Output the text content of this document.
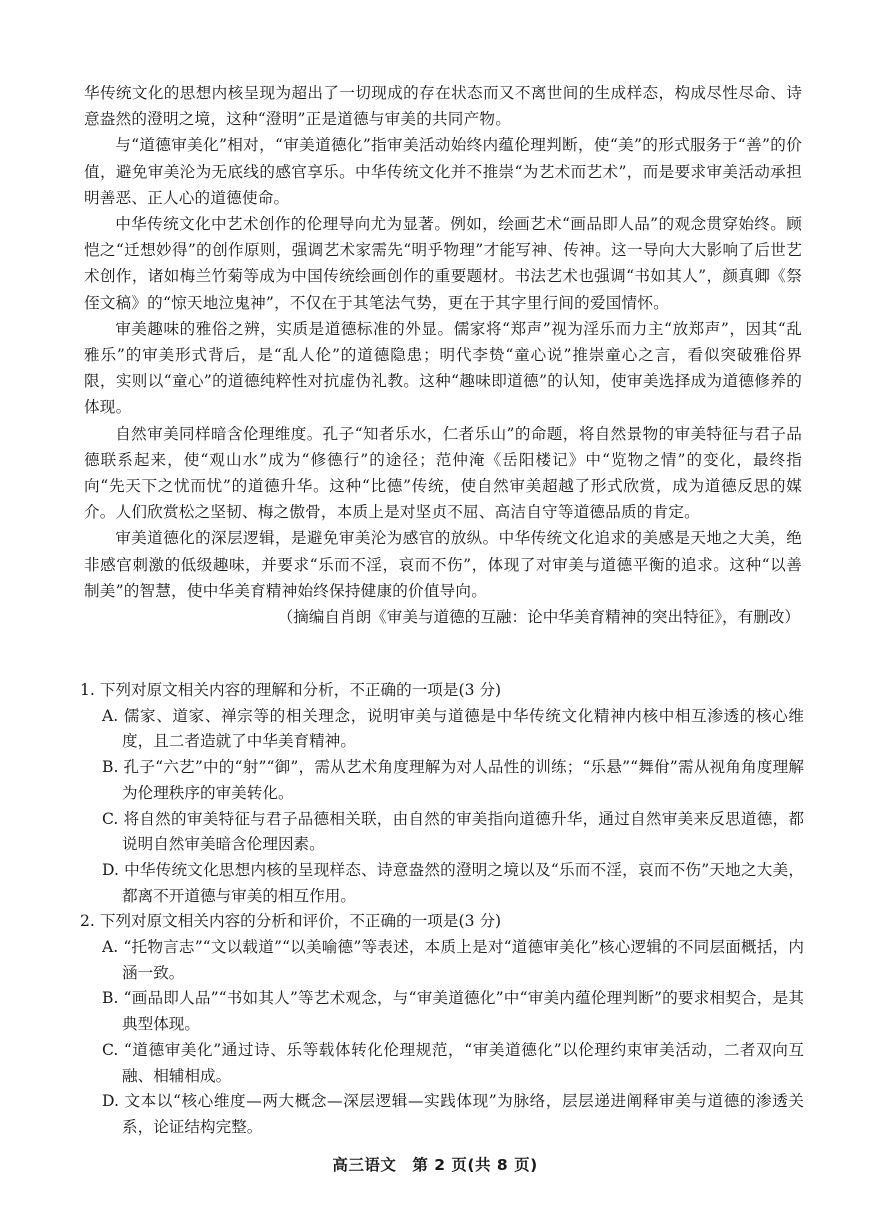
华传统文化的思想内核呈现为超出了一切现成的存在状态而又不离世间的生成样态，构成尽性尽命、诗意盎然的澄明之境，这种“澄明”正是道德与审美的共同产物。

与“道德审美化”相对，“审美道德化”指审美活动始终内蕴伦理判断，使“美”的形式服务于“善”的价值，避免审美沦为无底线的感官享乐。中华传统文化并不推崇“为艺术而艺术”，而是要求审美活动承担明善恶、正人心的道德使命。

中华传统文化中艺术创作的伦理导向尤为显著。例如，绘画艺术“画品即人品”的观念贯穿始终。顾恺之“迁想妙得”的创作原则，强调艺术家需先“明乎物理”才能写神、传神。这一导向大大影响了后世艺术创作，诸如梅兰竹菊等成为中国传统绘画创作的重要题材。书法艺术也强调“书如其人”，颜真卿《祭侄文稿》的“惊天地泣鬼神”，不仅在于其笔法气势，更在于其字里行间的爱国情怀。

审美趣味的雅俗之辨，实质是道德标准的外显。儒家将“郑声”视为淫乐而力主“放郑声”，因其“乱雅乐”的审美形式背后，是“乱人伦”的道德隐患；明代李贽“童心说”推崇童心之言，看似突破雅俗界限，实则以“童心”的道德纯粹性对抗虚伪礼教。这种“趣味即道德”的认知，使审美选择成为道德修养的体现。

自然审美同样暗含伦理维度。孔子“知者乐水，仁者乐山”的命题，将自然景物的审美特征与君子品德联系起来，使“观山水”成为“修德行”的途径；范仲淹《岳阳楼记》中“览物之情”的变化，最终指向“先天下之忧而忧”的道德升华。这种“比德”传统，使自然审美超越了形式欣赏，成为道德反思的媒介。人们欣赏松之坚韧、梅之傲骨，本质上是对坚贞不屈、高洁自守等道德品质的肯定。

审美道德化的深层逻辑，是避免审美沦为感官的放纵。中华传统文化追求的美感是天地之大美，绝非感官刺激的低级趣味，并要求“乐而不淫，哀而不伤”，体现了对审美与道德平衡的追求。这种“以善制美”的智慧，使中华美育精神始终保持健康的价值导向。

（摘编自肖朗《审美与道德的互融：论中华美育精神的突出特征》，有删改）

1. 下列对原文相关内容的理解和分析，不正确的一项是(3 分)

A. 儒家、道家、禅宗等的相关理念，说明审美与道德是中华传统文化精神内核中相互渗透的核心维度，且二者造就了中华美育精神。

B. 孔子“六艺”中的“射”“御”，需从艺术角度理解为对人品性的训练；“乐悬”“舞佾”需从视角角度理解为伦理秩序的审美转化。

C. 将自然的审美特征与君子品德相关联，由自然的审美指向道德升华，通过自然审美来反思道德，都说明自然审美暗含伦理因素。

D. 中华传统文化思想内核的呈现样态、诗意盎然的澄明之境以及“乐而不淫，哀而不伤”天地之大美，都离不开道德与审美的相互作用。

2. 下列对原文相关内容的分析和评价，不正确的一项是(3 分)

A. “托物言志”“文以载道”“以美喻德”等表述，本质上是对“道德审美化”核心逻辑的不同层面概括，内涵一致。

B. “画品即人品”“书如其人”等艺术观念，与“审美道德化”中“审美内蕴伦理判断”的要求相契合，是其典型体现。

C. “道德审美化”通过诗、乐等载体转化伦理规范，“审美道德化”以伦理约束审美活动，二者双向互融、相辅相成。

D. 文本以“核心维度—两大概念—深层逻辑—实践体现”为脉络，层层递进阐释审美与道德的渗透关系，论证结构完整。

高三语文　第 2 页(共 8 页)
